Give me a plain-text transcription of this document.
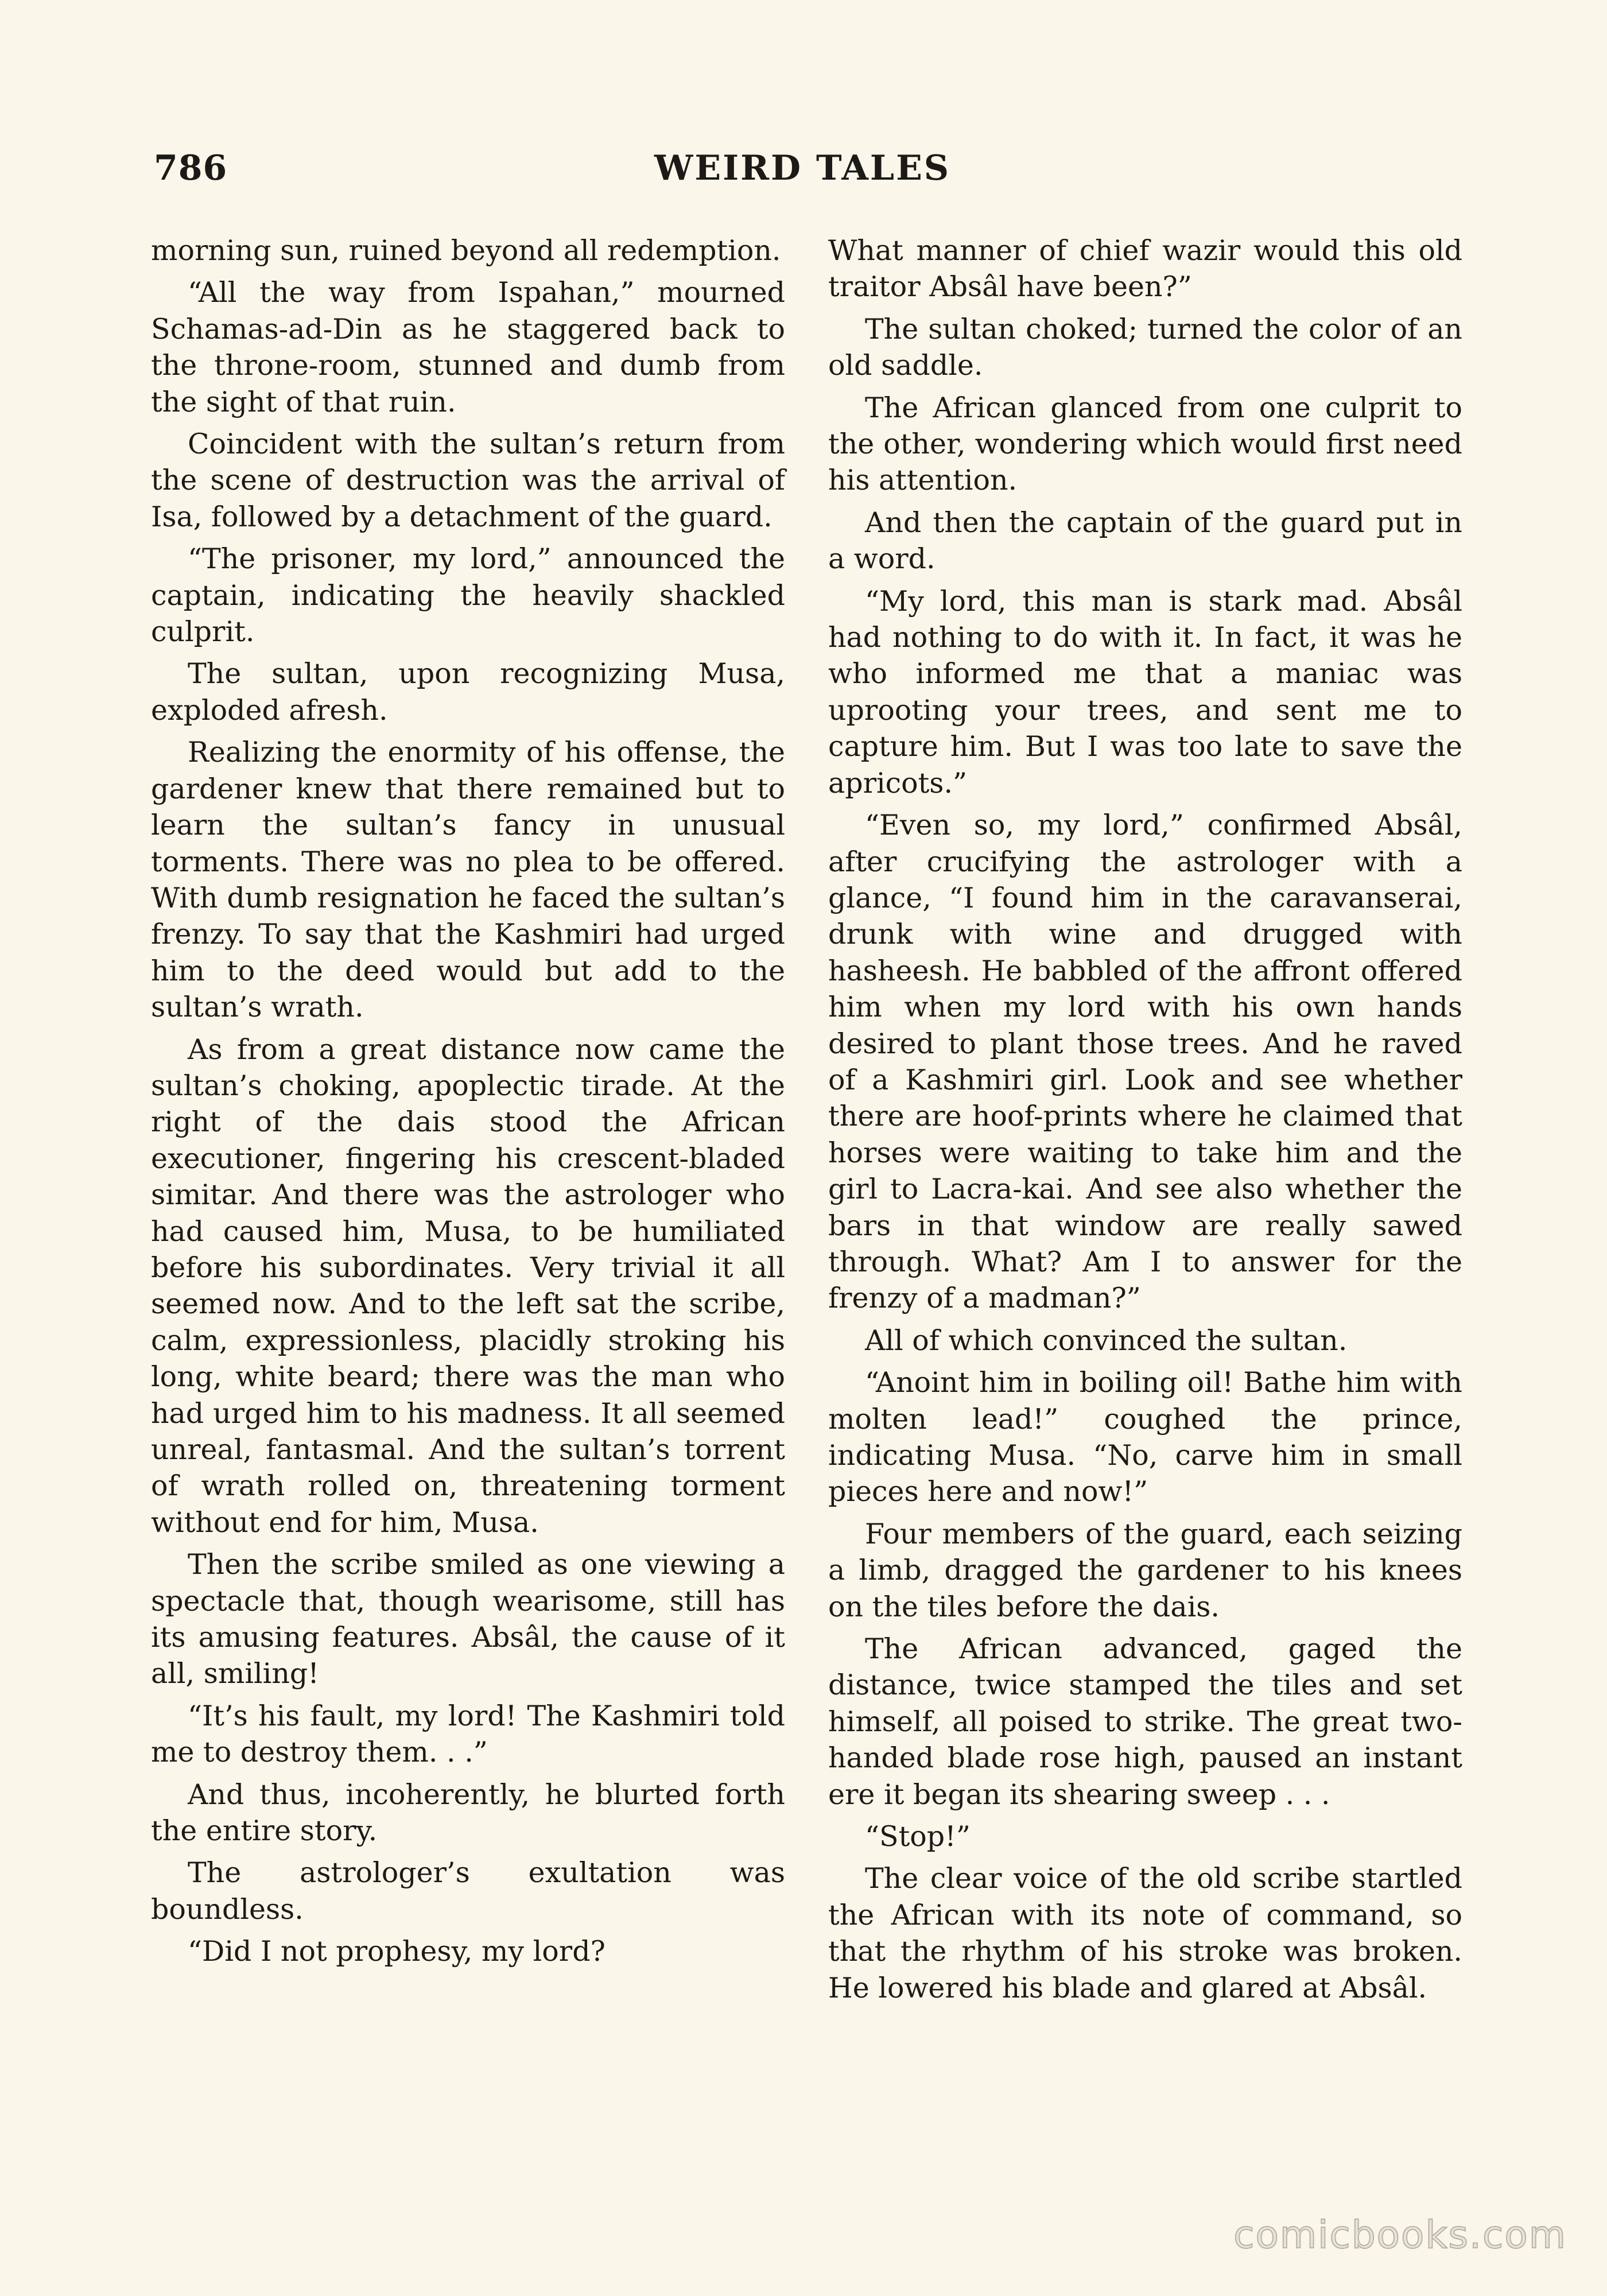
786	WEIRD TALES

morning sun, ruined beyond all redemption.

“All the way from Ispahan,” mourned Schamas-ad-Din as he staggered back to the throne-room, stunned and dumb from the sight of that ruin.

Coincident with the sultan’s return from the scene of destruction was the arrival of Isa, followed by a detachment of the guard.

“The prisoner, my lord,” announced the captain, indicating the heavily shackled culprit.

The sultan, upon recognizing Musa, exploded afresh.

Realizing the enormity of his offense, the gardener knew that there remained but to learn the sultan’s fancy in unusual torments. There was no plea to be offered. With dumb resignation he faced the sultan’s frenzy. To say that the Kashmiri had urged him to the deed would but add to the sultan’s wrath.

As from a great distance now came the sultan’s choking, apoplectic tirade. At the right of the dais stood the African executioner, fingering his crescent-bladed simitar. And there was the astrologer who had caused him, Musa, to be humiliated before his subordinates. Very trivial it all seemed now. And to the left sat the scribe, calm, expressionless, placidly stroking his long, white beard; there was the man who had urged him to his madness. It all seemed unreal, fantasmal. And the sultan’s torrent of wrath rolled on, threatening torment without end for him, Musa.

Then the scribe smiled as one viewing a spectacle that, though wearisome, still has its amusing features. Absâl, the cause of it all, smiling!

“It’s his fault, my lord! The Kashmiri told me to destroy them. . .”

And thus, incoherently, he blurted forth the entire story.

The astrologer’s exultation was boundless.

“Did I not prophesy, my lord?

What manner of chief wazir would this old traitor Absâl have been?”

The sultan choked; turned the color of an old saddle.

The African glanced from one culprit to the other, wondering which would first need his attention.

And then the captain of the guard put in a word.

“My lord, this man is stark mad. Absâl had nothing to do with it. In fact, it was he who informed me that a maniac was uprooting your trees, and sent me to capture him. But I was too late to save the apricots.”

“Even so, my lord,” confirmed Absâl, after crucifying the astrologer with a glance, “I found him in the caravanserai, drunk with wine and drugged with hasheesh. He babbled of the affront offered him when my lord with his own hands desired to plant those trees. And he raved of a Kashmiri girl. Look and see whether there are hoof-prints where he claimed that horses were waiting to take him and the girl to Lacra-kai. And see also whether the bars in that window are really sawed through. What? Am I to answer for the frenzy of a madman?”

All of which convinced the sultan.

“Anoint him in boiling oil! Bathe him with molten lead!” coughed the prince, indicating Musa. “No, carve him in small pieces here and now!”

Four members of the guard, each seizing a limb, dragged the gardener to his knees on the tiles before the dais.

The African advanced, gaged the distance, twice stamped the tiles and set himself, all poised to strike. The great two-handed blade rose high, paused an instant ere it began its shearing sweep . . .

“Stop!”

The clear voice of the old scribe startled the African with its note of command, so that the rhythm of his stroke was broken. He lowered his blade and glared at Absâl.

comicbooks.com
